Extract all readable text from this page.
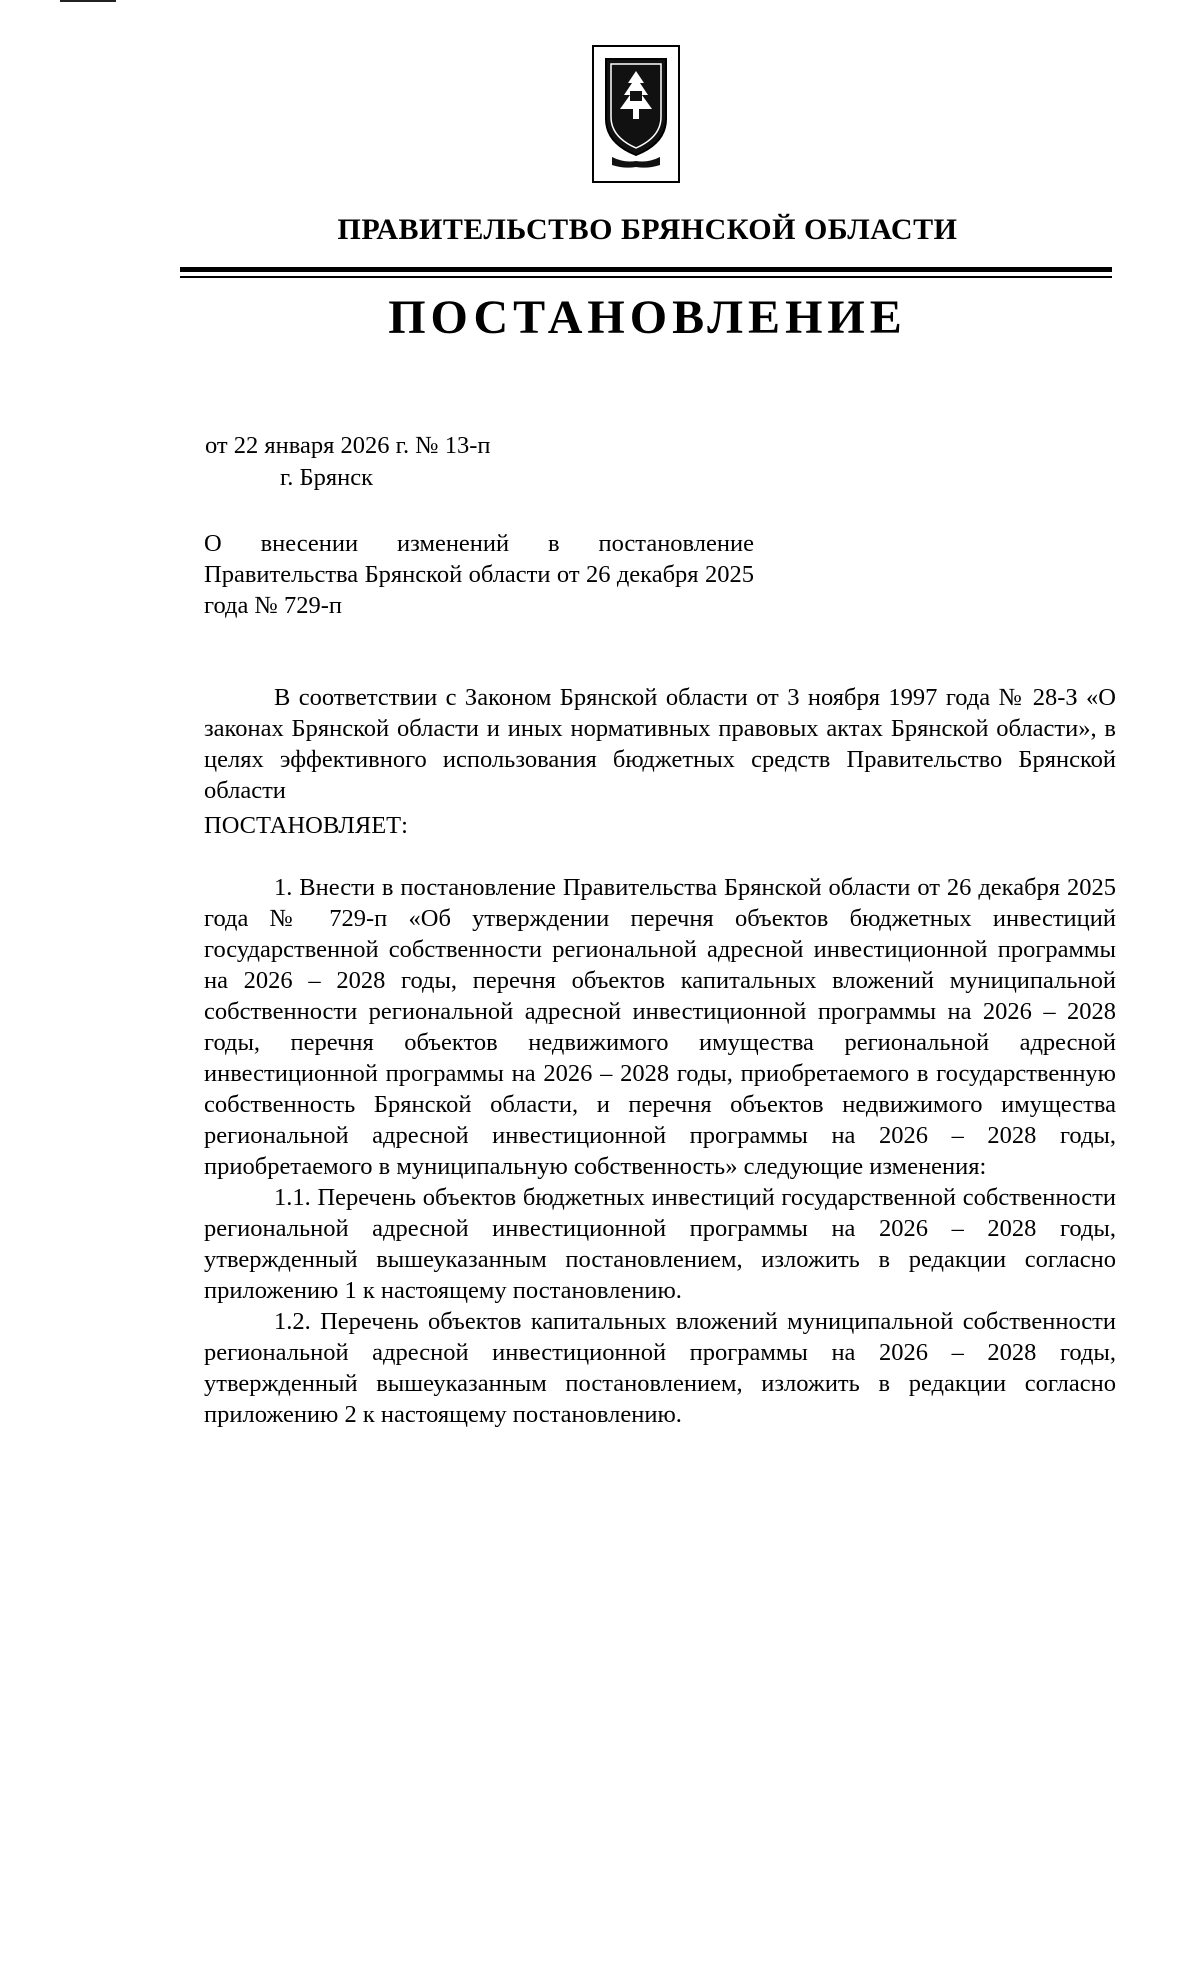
ПРАВИТЕЛЬСТВО БРЯНСКОЙ ОБЛАСТИ
ПОСТАНОВЛЕНИЕ
от 22 января 2026 г. № 13-п
г. Брянск
О внесении изменений в постановление Правительства Брянской области от 26 декабря 2025 года № 729-п
В соответствии с Законом Брянской области от 3 ноября 1997 года № 28-З «О законах Брянской области и иных нормативных правовых актах Брянской области», в целях эффективного использования бюджетных средств Правительство Брянской области
ПОСТАНОВЛЯЕТ:

1. Внести в постановление Правительства Брянской области от 26 декабря 2025 года № 729-п «Об утверждении перечня объектов бюджетных инвестиций государственной собственности региональной адресной инвестиционной программы на 2026 – 2028 годы, перечня объектов капитальных вложений муниципальной собственности региональной адресной инвестиционной программы на 2026 – 2028 годы, перечня объектов недвижимого имущества региональной адресной инвестиционной программы на 2026 – 2028 годы, приобретаемого в государственную собственность Брянской области, и перечня объектов недвижимого имущества региональной адресной инвестиционной программы на 2026 – 2028 годы, приобретаемого в муниципальную собственность» следующие изменения:

1.1. Перечень объектов бюджетных инвестиций государственной собственности региональной адресной инвестиционной программы на 2026 – 2028 годы, утвержденный вышеуказанным постановлением, изложить в редакции согласно приложению 1 к настоящему постановлению.

1.2. Перечень объектов капитальных вложений муниципальной собственности региональной адресной инвестиционной программы на 2026 – 2028 годы, утвержденный вышеуказанным постановлением, изложить в редакции согласно приложению 2 к настоящему постановлению.
